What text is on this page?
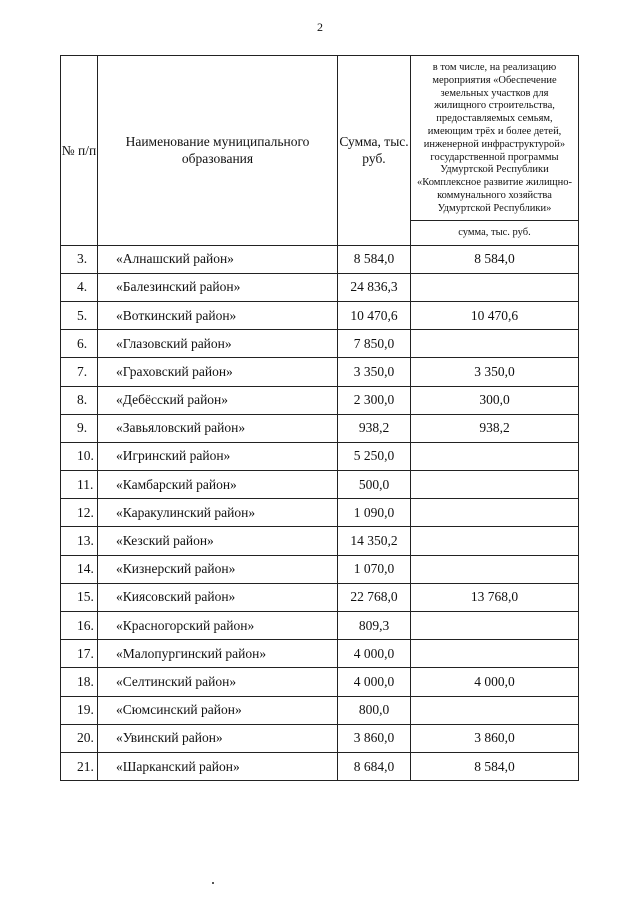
2
№ п/п	Наименование муниципального образования	Сумма, тыс. руб.	в том числе, на реализацию мероприятия «Обеспечение земельных участков для жилищного строительства, предоставляемых семьям, имеющим трёх и более детей, инженерной инфраструктурой» государственной программы Удмуртской Республики «Комплексное развитие жилищно-коммунального хозяйства Удмуртской Республики»
			сумма, тыс. руб.
3.	«Алнашский район»	8 584,0	8 584,0
4.	«Балезинский район»	24 836,3	
5.	«Воткинский район»	10 470,6	10 470,6
6.	«Глазовский район»	7 850,0	
7.	«Граховский район»	3 350,0	3 350,0
8.	«Дебёсский район»	2 300,0	300,0
9.	«Завьяловский район»	938,2	938,2
10.	«Игринский район»	5 250,0	
11.	«Камбарский район»	500,0	
12.	«Каракулинский район»	1 090,0	
13.	«Кезский район»	14 350,2	
14.	«Кизнерский район»	1 070,0	
15.	«Киясовский район»	22 768,0	13 768,0
16.	«Красногорский район»	809,3	
17.	«Малопургинский район»	4 000,0	
18.	«Селтинский район»	4 000,0	4 000,0
19.	«Сюмсинский район»	800,0	
20.	«Увинский район»	3 860,0	3 860,0
21.	«Шарканский район»	8 684,0	8 584,0
